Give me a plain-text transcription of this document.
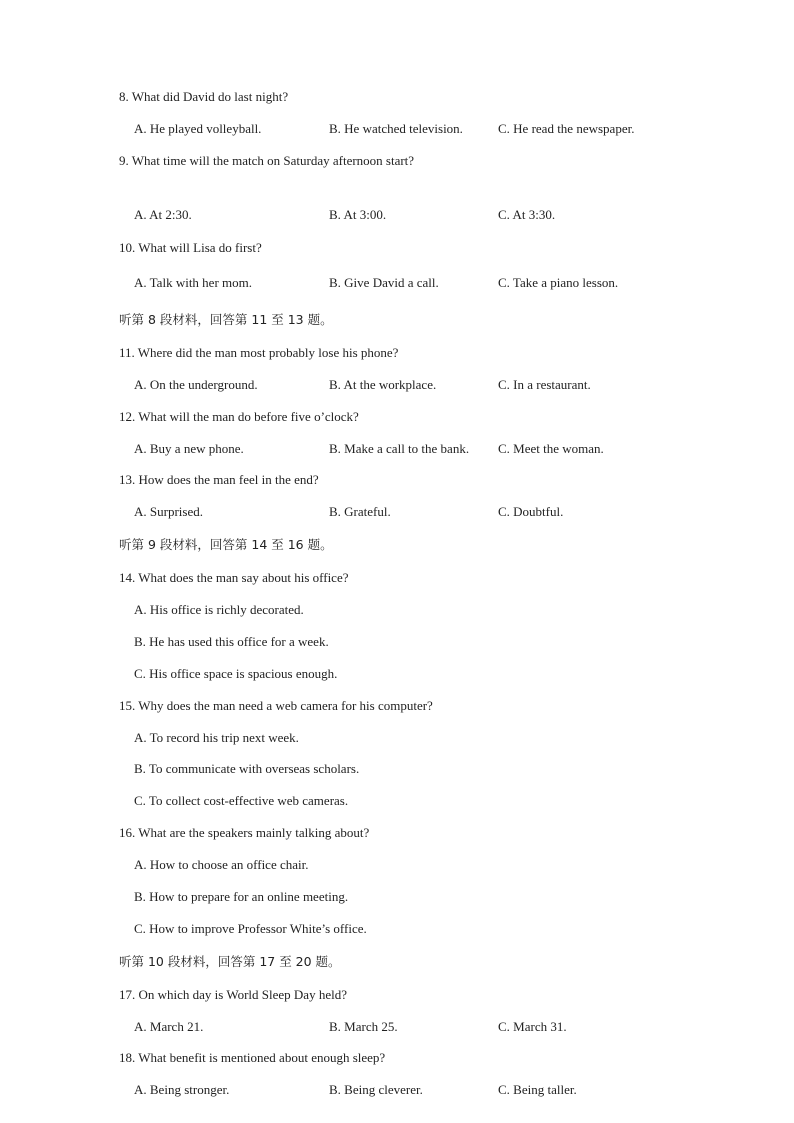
8. What did David do last night?
A. He played volleyball.	B. He watched television.	C. He read the newspaper.
9. What time will the match on Saturday afternoon start?
A. At 2:30.	B. At 3:00.	C. At 3:30.
10. What will Lisa do first?
A. Talk with her mom.	B. Give David a call.	C. Take a piano lesson.
听第 8 段材料，回答第 11 至 13 题。
11. Where did the man most probably lose his phone?
A. On the underground.	B. At the workplace.	C. In a restaurant.
12. What will the man do before five o’clock?
A. Buy a new phone.	B. Make a call to the bank. C. Meet the woman.
13. How does the man feel in the end?
A. Surprised.	B. Grateful.	C. Doubtful.
听第 9 段材料，回答第 14 至 16 题。
14. What does the man say about his office?
A. His office is richly decorated.
B. He has used this office for a week.
C. His office space is spacious enough.
15. Why does the man need a web camera for his computer?
A. To record his trip next week.
B. To communicate with overseas scholars.
C. To collect cost-effective web cameras.
16. What are the speakers mainly talking about?
A. How to choose an office chair.
B. How to prepare for an online meeting.
C. How to improve Professor White’s office.
听第 10 段材料，回答第 17 至 20 题。
17. On which day is World Sleep Day held?
A. March 21.	B. March 25.	C. March 31.
18. What benefit is mentioned about enough sleep?
A. Being stronger.	B. Being cleverer.	C. Being taller.
